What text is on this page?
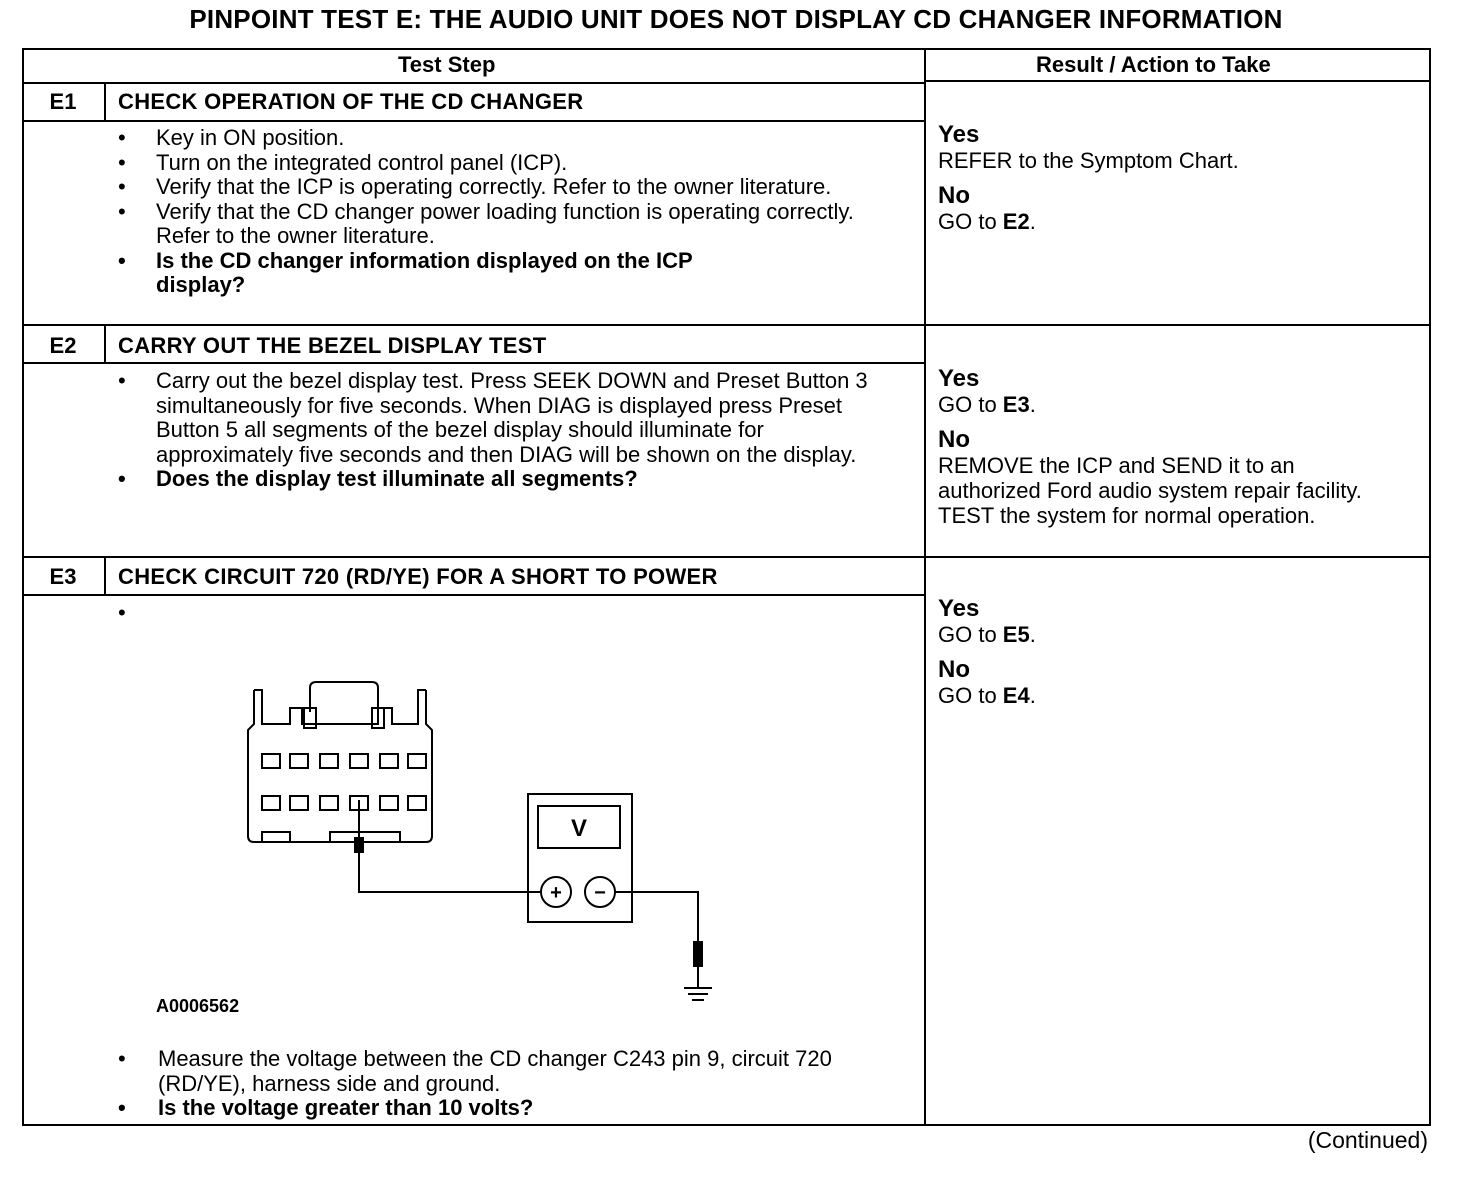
PINPOINT TEST E: THE AUDIO UNIT DOES NOT DISPLAY CD CHANGER INFORMATION
Test Step	Result / Action to Take
E1	CHECK OPERATION OF THE CD CHANGER
• Key in ON position.
• Turn on the integrated control panel (ICP).
• Verify that the ICP is operating correctly. Refer to the owner literature.
• Verify that the CD changer power loading function is operating correctly. Refer to the owner literature.
• Is the CD changer information displayed on the ICP display?
Yes
REFER to the Symptom Chart.
No
GO to E2.
E2	CARRY OUT THE BEZEL DISPLAY TEST
• Carry out the bezel display test. Press SEEK DOWN and Preset Button 3 simultaneously for five seconds. When DIAG is displayed press Preset Button 5 all segments of the bezel display should illuminate for approximately five seconds and then DIAG will be shown on the display.
• Does the display test illuminate all segments?
Yes
GO to E3.
No
REMOVE the ICP and SEND it to an authorized Ford audio system repair facility. TEST the system for normal operation.
E3	CHECK CIRCUIT 720 (RD/YE) FOR A SHORT TO POWER
•
V
+ −
A0006562
• Measure the voltage between the CD changer C243 pin 9, circuit 720 (RD/YE), harness side and ground.
• Is the voltage greater than 10 volts?
Yes
GO to E5.
No
GO to E4.
(Continued)
